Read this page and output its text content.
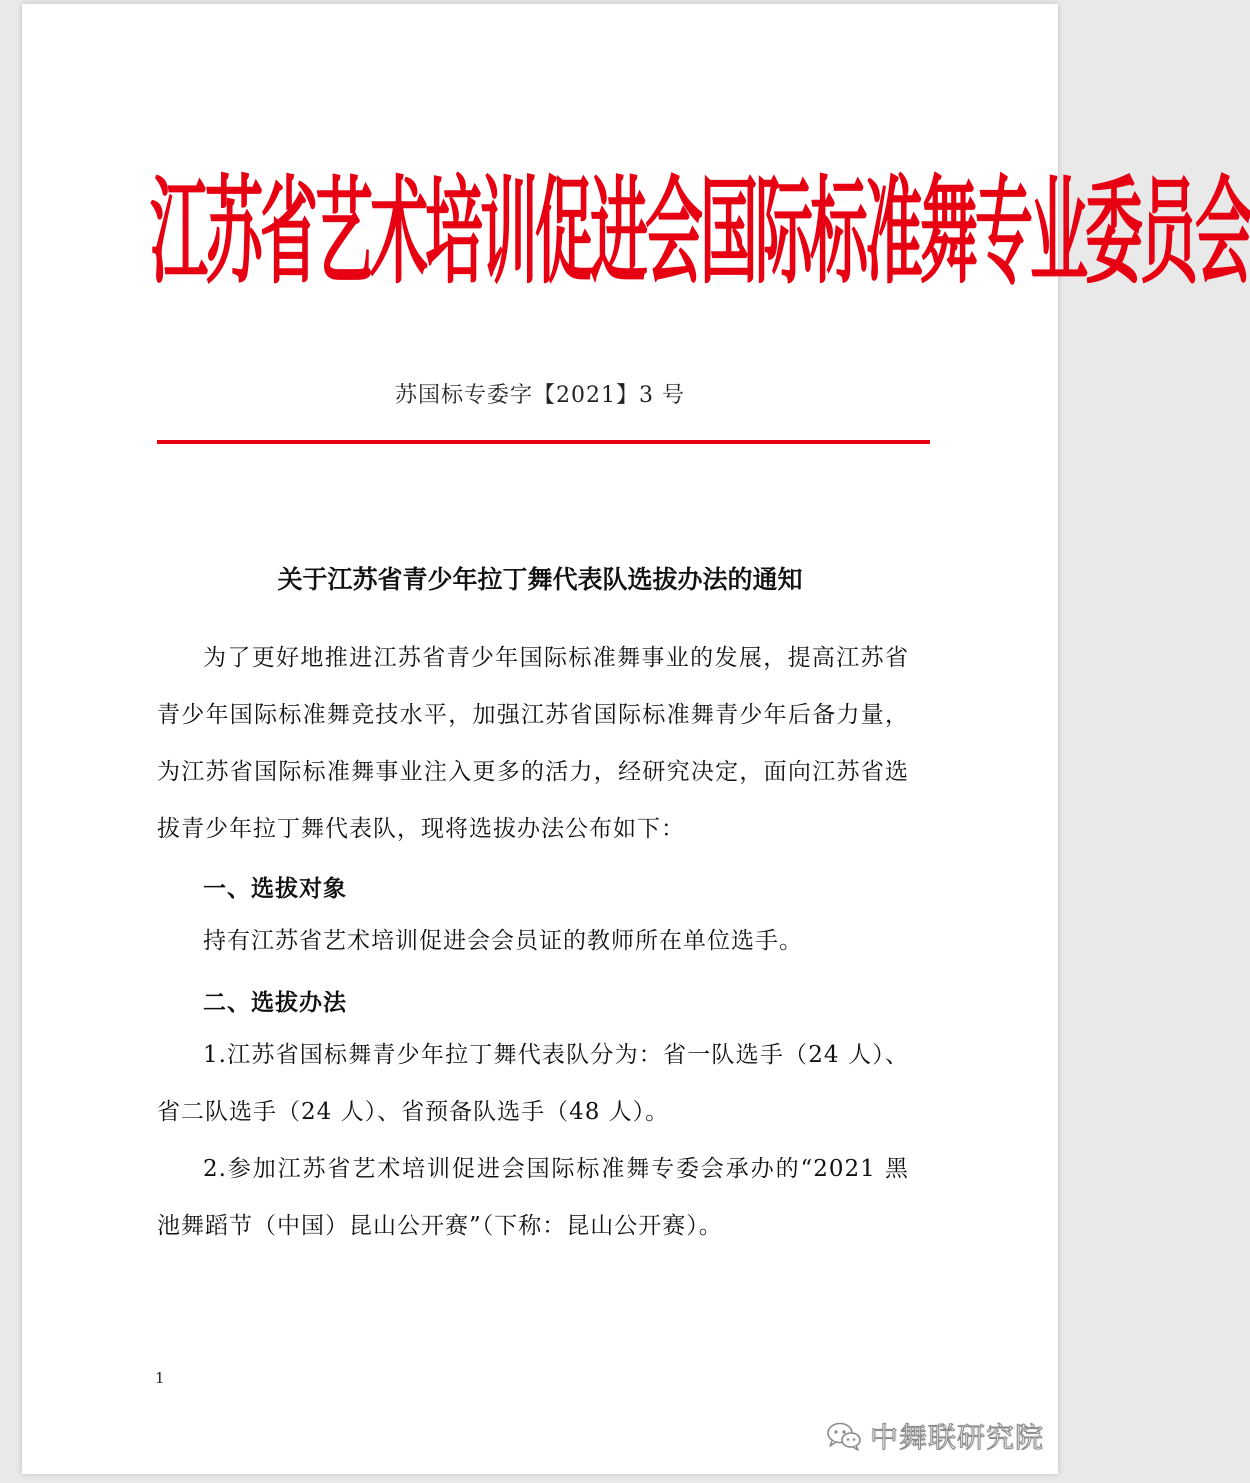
江苏省艺术培训促进会国际标准舞专业委员会
苏国标专委字【2021】3 号
关于江苏省青少年拉丁舞代表队选拔办法的通知
为了更好地推进江苏省青少年国际标准舞事业的发展，提高江苏省青少年国际标准舞竞技水平，加强江苏省国际标准舞青少年后备力量，为江苏省国际标准舞事业注入更多的活力，经研究决定，面向江苏省选拔青少年拉丁舞代表队，现将选拔办法公布如下：
一、选拔对象
持有江苏省艺术培训促进会会员证的教师所在单位选手。
二、选拔办法
1.江苏省国标舞青少年拉丁舞代表队分为：省一队选手（24 人）、省二队选手（24 人）、省预备队选手（48 人）。
2.参加江苏省艺术培训促进会国际标准舞专委会承办的“2021 黑池舞蹈节（中国）昆山公开赛”（下称：昆山公开赛）。
1
中舞联研究院
